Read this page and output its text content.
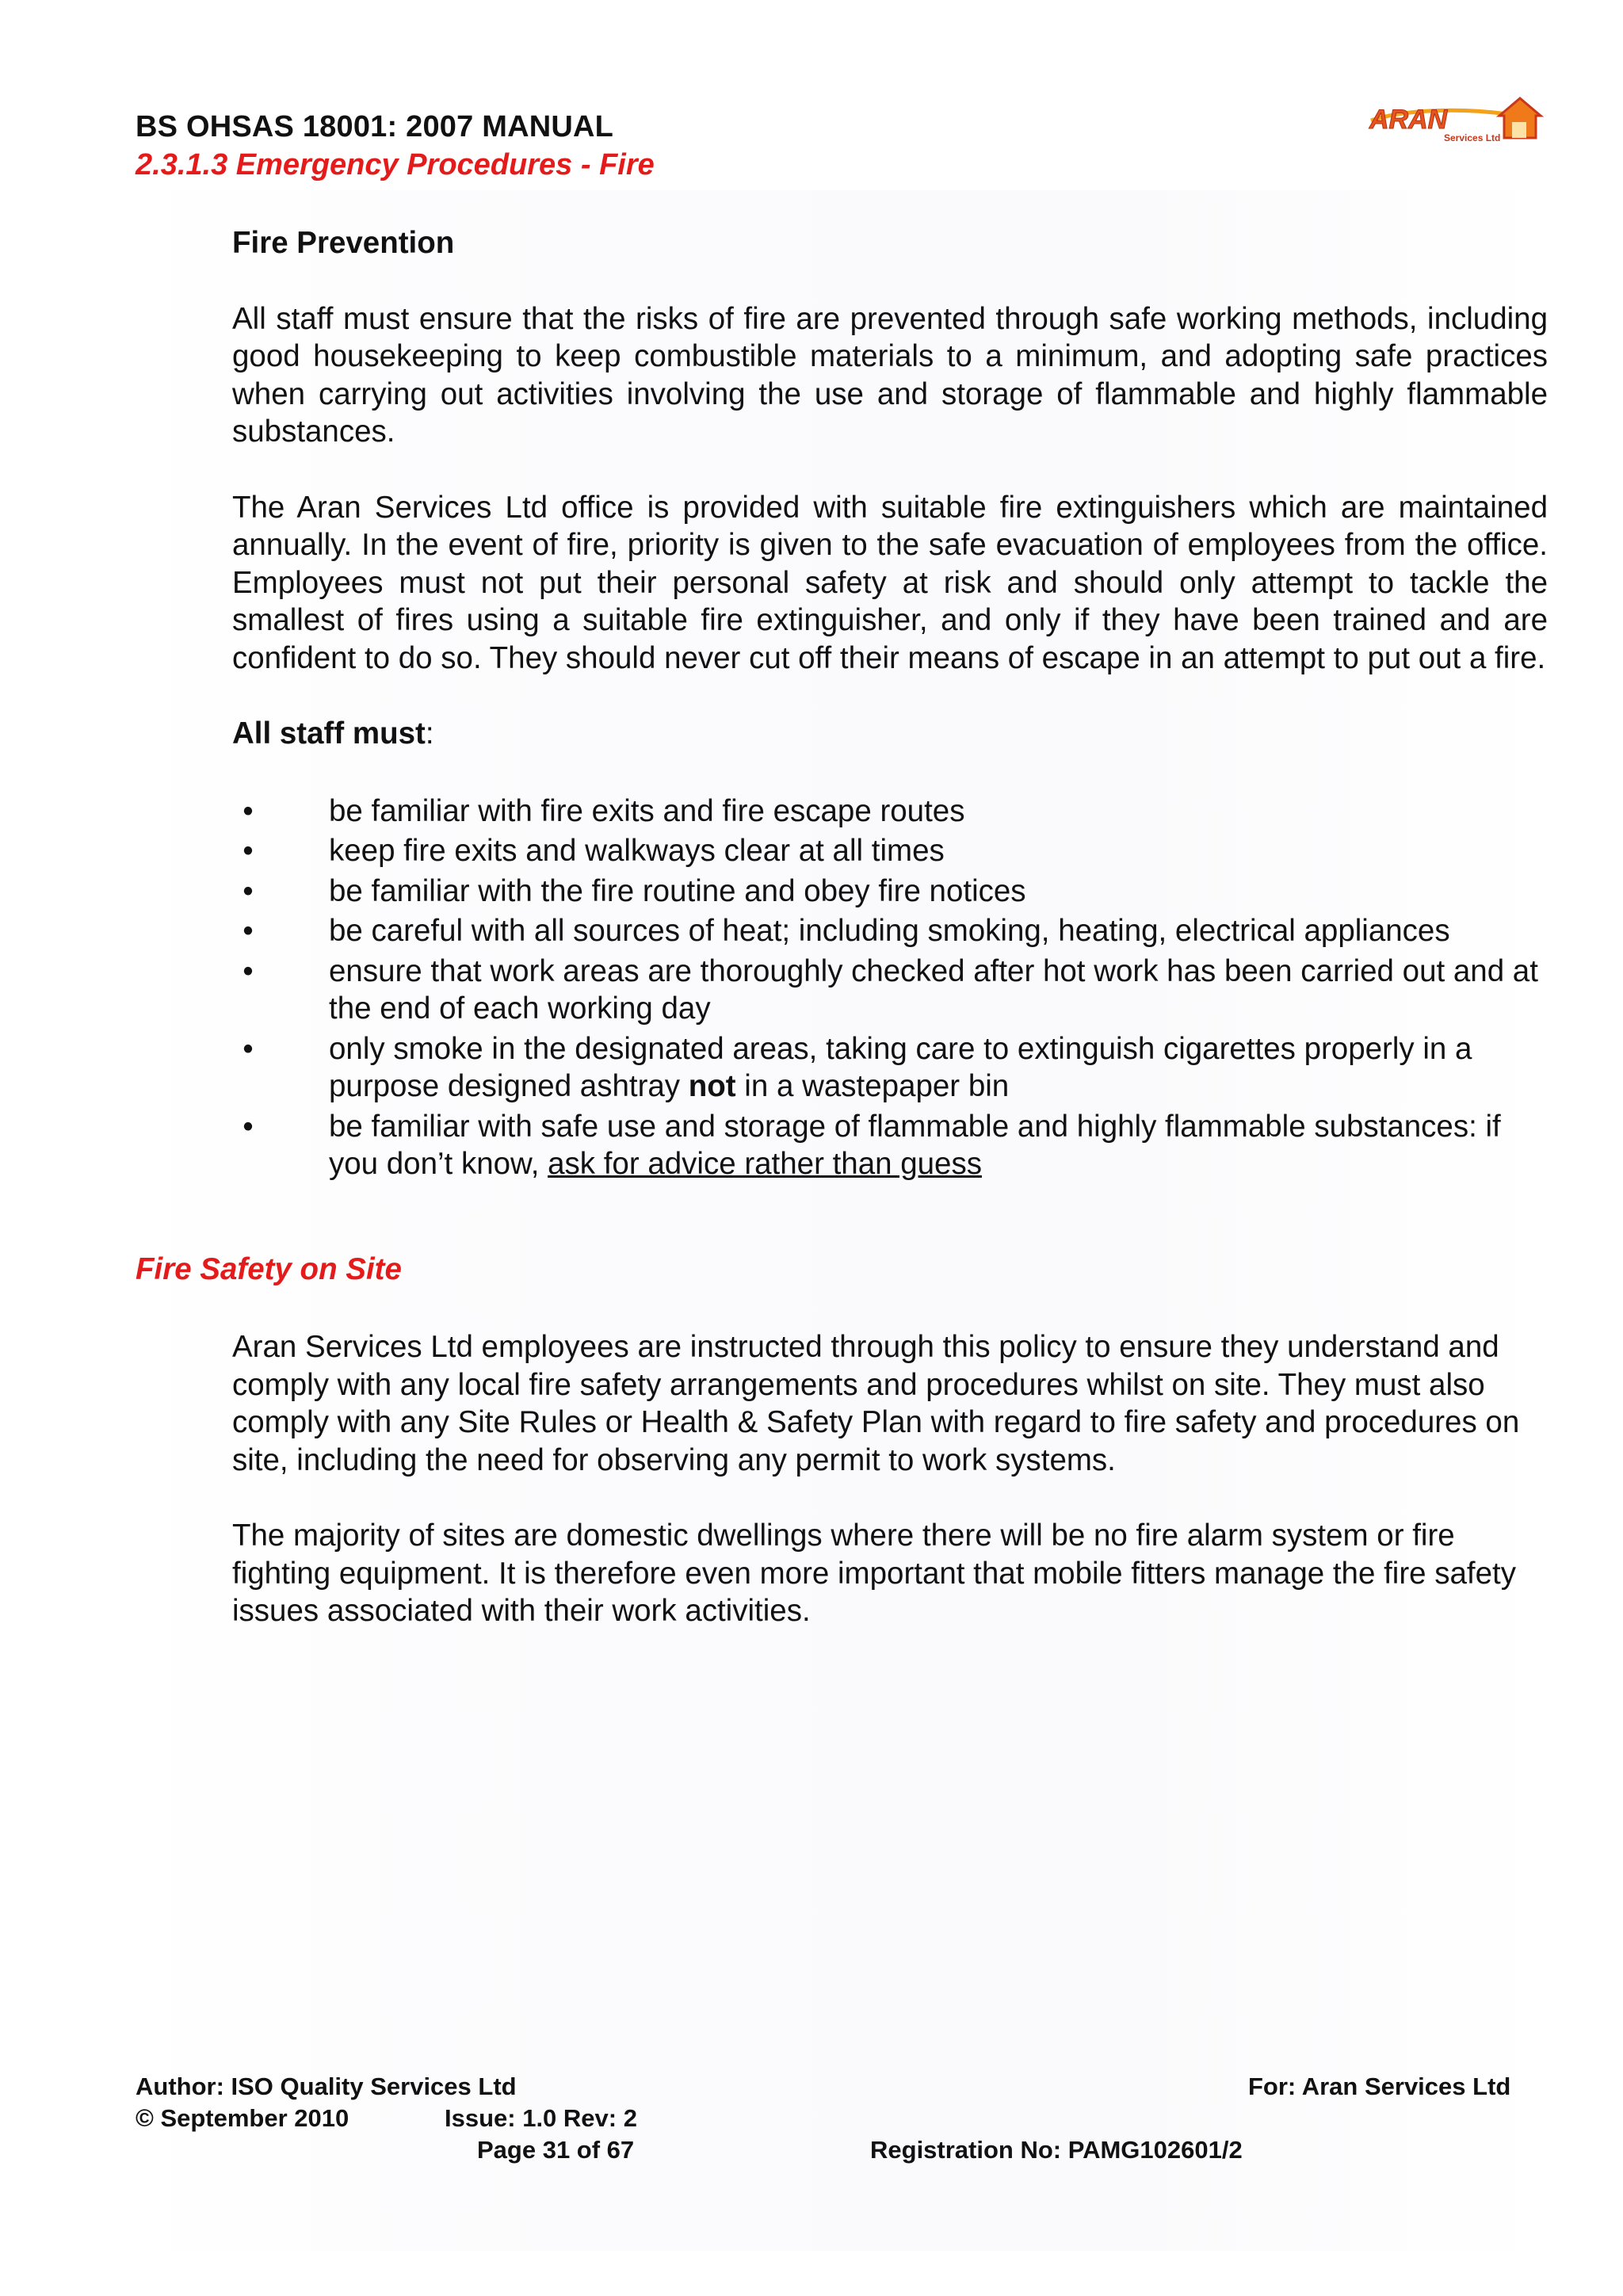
BS OHSAS 18001: 2007 MANUAL
2.3.1.3 Emergency Procedures - Fire
ARAN
Services Ltd
Fire Prevention

All staff must ensure that the risks of fire are prevented through safe working methods, including good housekeeping to keep combustible materials to a minimum, and adopting safe practices when carrying out activities involving the use and storage of flammable and highly flammable substances.

The Aran Services Ltd office is provided with suitable fire extinguishers which are maintained annually. In the event of fire, priority is given to the safe evacuation of employees from the office. Employees must not put their personal safety at risk and should only attempt to tackle the smallest of fires using a suitable fire extinguisher, and only if they have been trained and are confident to do so. They should never cut off their means of escape in an attempt to put out a fire.

All staff must:
•	be familiar with fire exits and fire escape routes
•	keep fire exits and walkways clear at all times
•	be familiar with the fire routine and obey fire notices
•	be careful with all sources of heat; including smoking, heating, electrical appliances
•	ensure that work areas are thoroughly checked after hot work has been carried out and at the end of each working day
•	only smoke in the designated areas, taking care to extinguish cigarettes properly in a purpose designed ashtray not in a wastepaper bin
•	be familiar with safe use and storage of flammable and highly flammable substances: if you don’t know, ask for advice rather than guess
Fire Safety on Site

Aran Services Ltd employees are instructed through this policy to ensure they understand and comply with any local fire safety arrangements and procedures whilst on site. They must also comply with any Site Rules or Health & Safety Plan with regard to fire safety and procedures on site, including the need for observing any permit to work systems.

The majority of sites are domestic dwellings where there will be no fire alarm system or fire fighting equipment. It is therefore even more important that mobile fitters manage the fire safety issues associated with their work activities.

Author: ISO Quality Services Ltd	For: Aran Services Ltd
© September 2010	Issue: 1.0 Rev: 2
Page 31 of 67	Registration No: PAMG102601/2
